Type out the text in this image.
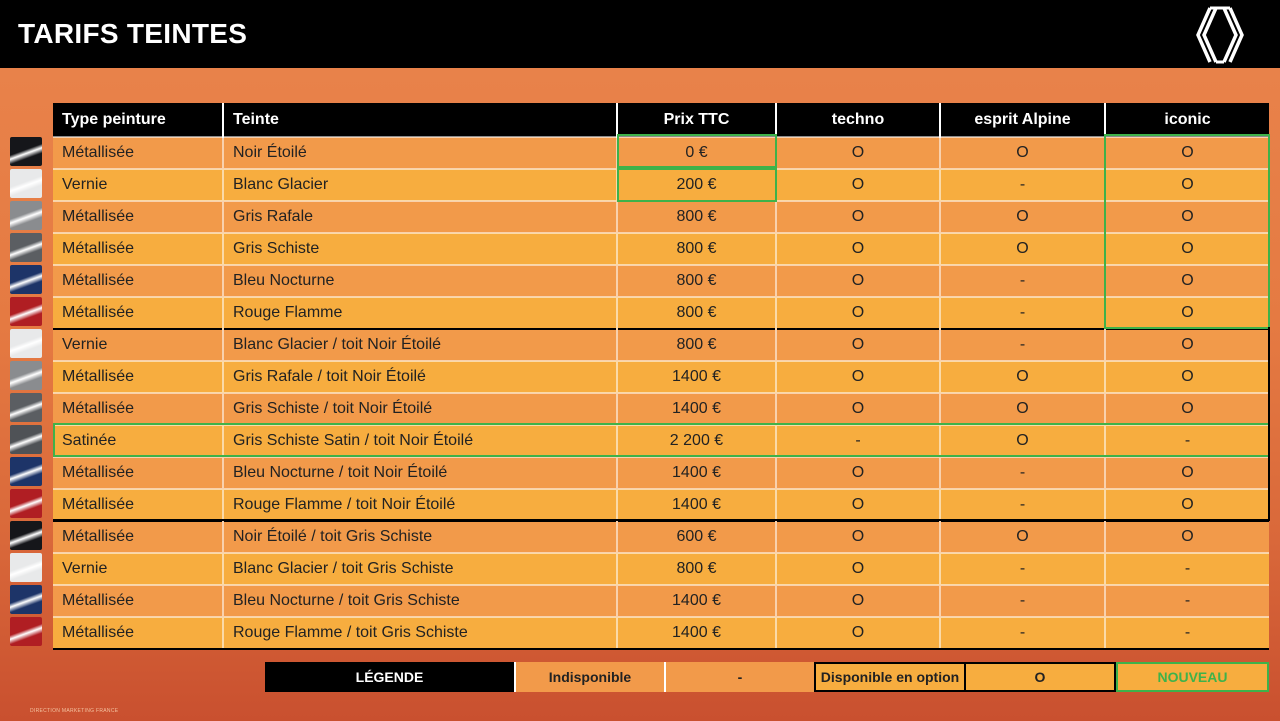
TARIFS TEINTES
Type peinture	Teinte	Prix TTC	techno	esprit Alpine	iconic
Métallisée	Noir Étoilé	0 €	O	O	O
Vernie	Blanc Glacier	200 €	O	-	O
Métallisée	Gris Rafale	800 €	O	O	O
Métallisée	Gris Schiste	800 €	O	O	O
Métallisée	Bleu Nocturne	800 €	O	-	O
Métallisée	Rouge Flamme	800 €	O	-	O
Vernie	Blanc Glacier / toit Noir Étoilé	800 €	O	-	O
Métallisée	Gris Rafale / toit Noir Étoilé	1400 €	O	O	O
Métallisée	Gris Schiste / toit Noir Étoilé	1400 €	O	O	O
Satinée	Gris Schiste Satin / toit Noir Étoilé	2 200 €	-	O	-
Métallisée	Bleu Nocturne / toit Noir Étoilé	1400 €	O	-	O
Métallisée	Rouge Flamme / toit Noir Étoilé	1400 €	O	-	O
Métallisée	Noir Étoilé / toit Gris Schiste	600 €	O	O	O
Vernie	Blanc Glacier / toit Gris Schiste	800 €	O	-	-
Métallisée	Bleu Nocturne / toit Gris Schiste	1400 €	O	-	-
Métallisée	Rouge Flamme / toit Gris Schiste	1400 €	O	-	-
LÉGENDE	Indisponible	-	Disponible en option	O	NOUVEAU
DIRECTION MARKETING FRANCE
